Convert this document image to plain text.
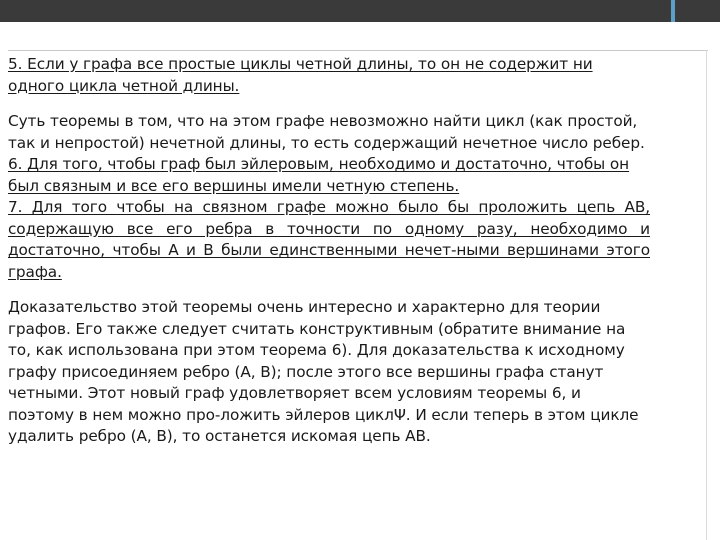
5. Если у графа все простые циклы четной длины, то он не содержит ни одного цикла четной длины.

Суть теоремы в том, что на этом графе невозможно найти цикл (как простой, так и непростой) нечетной длины, то есть содержащий нечетное число ребер.

6. Для того, чтобы граф был эйлеровым, необходимо и достаточно, чтобы он был связным и все его вершины имели четную степень.

7. Для того чтобы на связном графе можно было бы проложить цепь AB, содержащую все его ребра в точности по одному разу, необходимо и достаточно, чтобы A и B были единственными нечет-ными вершинами этого графа.

Доказательство этой теоремы очень интересно и характерно для теории графов. Его также следует считать конструктивным (обратите внимание на то, как использована при этом теорема 6). Для доказательства к исходному графу присоединяем ребро (A, B); после этого все вершины графа станут четными. Этот новый граф удовлетворяет всем условиям теоремы 6, и поэтому в нем можно про-ложить эйлеров циклΨ. И если теперь в этом цикле удалить ребро (A, B), то останется искомая цепь AB.
